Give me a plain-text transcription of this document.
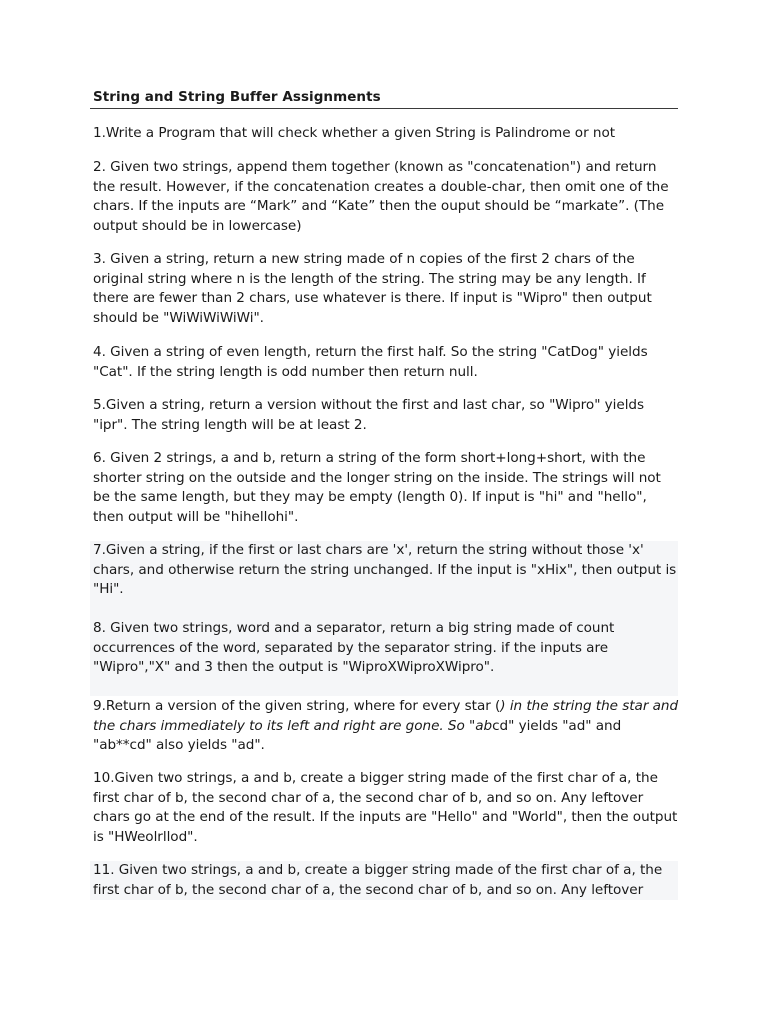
String and String Buffer Assignments

1.Write a Program that will check whether a given String is Palindrome or not

2. Given two strings, append them together (known as "concatenation") and return the result. However, if the concatenation creates a double-char, then omit one of the chars. If the inputs are “Mark” and “Kate” then the ouput should be “markate”. (The output should be in lowercase)

3. Given a string, return a new string made of n copies of the first 2 chars of the original string where n is the length of the string. The string may be any length. If there are fewer than 2 chars, use whatever is there. If input is "Wipro" then output should be "WiWiWiWiWi".

4. Given a string of even length, return the first half. So the string "CatDog" yields "Cat". If the string length is odd number then return null.

5.Given a string, return a version without the first and last char, so "Wipro" yields "ipr". The string length will be at least 2.

6. Given 2 strings, a and b, return a string of the form short+long+short, with the shorter string on the outside and the longer string on the inside. The strings will not be the same length, but they may be empty (length 0). If input is "hi" and "hello", then output will be "hihellohi".

7.Given a string, if the first or last chars are 'x', return the string without those 'x' chars, and otherwise return the string unchanged. If the input is "xHix", then output is "Hi".

8. Given two strings, word and a separator, return a big string made of count occurrences of the word, separated by the separator string. if the inputs are "Wipro","X" and 3 then the output is "WiproXWiproXWipro".

9.Return a version of the given string, where for every star () in the string the star and the chars immediately to its left and right are gone. So "abcd" yields "ad" and "ab**cd" also yields "ad".

10.Given two strings, a and b, create a bigger string made of the first char of a, the first char of b, the second char of a, the second char of b, and so on. Any leftover chars go at the end of the result. If the inputs are "Hello" and "World", then the output is "HWeolrllod".

11. Given two strings, a and b, create a bigger string made of the first char of a, the first char of b, the second char of a, the second char of b, and so on. Any leftover
